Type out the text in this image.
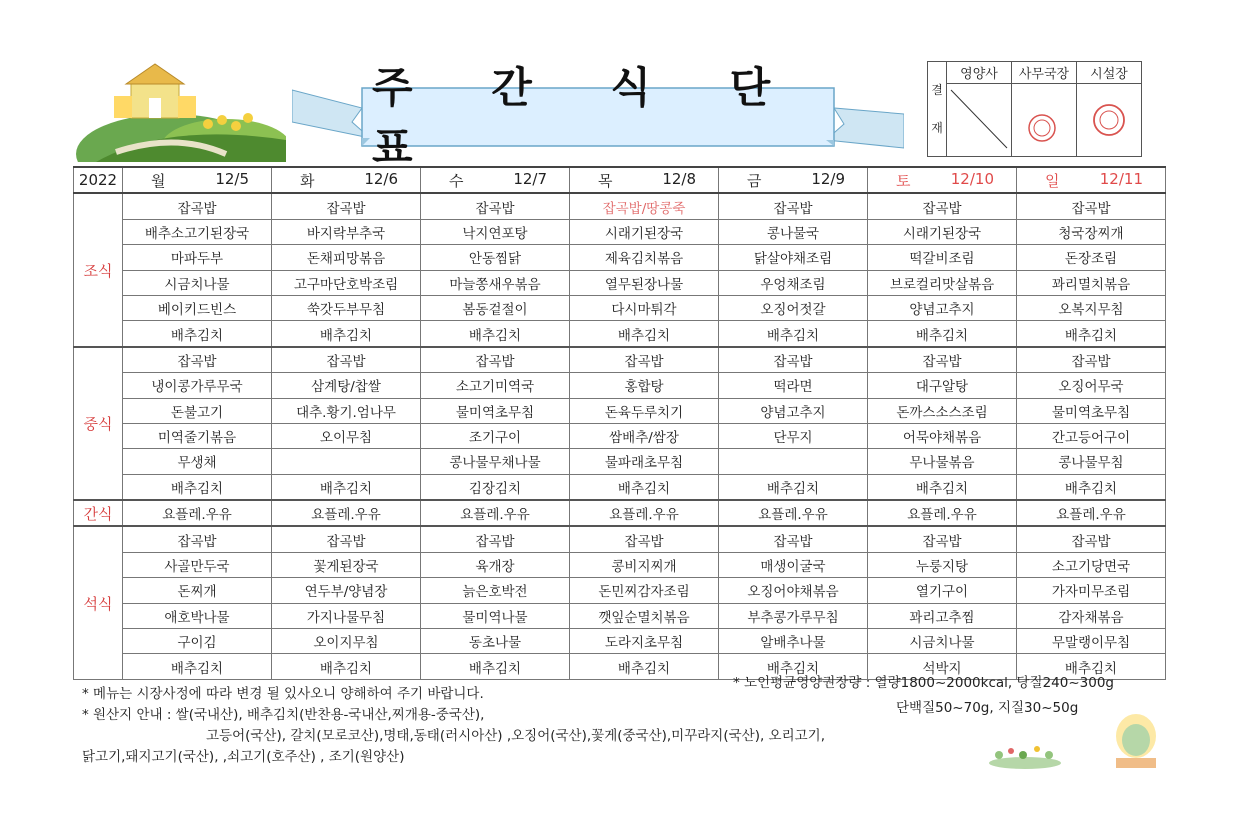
주 간 식 단 표
결
재	영양사	사무국장	시설장

2022	월 12/5	화 12/6	수 12/7	목 12/8	금 12/9	토 12/10	일 12/11

조식	잡곡밥	잡곡밥	잡곡밥	잡곡밥/땅콩죽	잡곡밥	잡곡밥	잡곡밥
	배추소고기된장국	바지락부추국	낙지연포탕	시래기된장국	콩나물국	시래기된장국	청국장찌개
	마파두부	돈채피망볶음	안동찜닭	제육김치볶음	닭살야채조림	떡갈비조림	돈장조림
	시금치나물	고구마단호박조림	마늘쫑새우볶음	열무된장나물	우엉채조림	브로컬리맛살볶음	꽈리멸치볶음
	베이키드빈스	쑥갓두부무침	봄동겉절이	다시마튀각	오징어젓갈	양념고추지	오복지무침
	배추김치	배추김치	배추김치	배추김치	배추김치	배추김치	배추김치
중식	잡곡밥	잡곡밥	잡곡밥	잡곡밥	잡곡밥	잡곡밥	잡곡밥
	냉이콩가루무국	삼계탕/찹쌀	소고기미역국	홍합탕	떡라면	대구알탕	오징어무국
	돈불고기	대추.황기.엄나무	물미역초무침	돈육두루치기	양념고추지	돈까스소스조림	물미역초무침
	미역줄기볶음	오이무침	조기구이	쌈배추/쌈장	단무지	어묵야채볶음	간고등어구이
	무생채		콩나물무채나물	물파래초무침		무나물볶음	콩나물무침
	배추김치	배추김치	김장김치	배추김치	배추김치	배추김치	배추김치
간식	요플레.우유	요플레.우유	요플레.우유	요플레.우유	요플레.우유	요플레.우유	요플레.우유
석식	잡곡밥	잡곡밥	잡곡밥	잡곡밥	잡곡밥	잡곡밥	잡곡밥
	사골만두국	꽃게된장국	육개장	콩비지찌개	매생이굴국	누룽지탕	소고기당면국
	돈찌개	연두부/양념장	늙은호박전	돈민찌감자조림	오징어야채볶음	열기구이	가자미무조림
	애호박나물	가지나물무침	물미역나물	깻잎순멸치볶음	부추콩가루무침	꽈리고추찜	감자채볶음
	구이김	오이지무침	동초나물	도라지초무침	알배추나물	시금치나물	무말랭이무침
	배추김치	배추김치	배추김치	배추김치	배추김치	석박지	배추김치
* 메뉴는 시장사정에 따라 변경 될 있사오니 양해하여 주기 바랍니다.
* 원산지 안내 : 쌀(국내산), 배추김치(반찬용-국내산,찌개용-중국산),
고등어(국산), 갈치(모로코산),명태,동태(러시아산) ,오징어(국산),꽃게(중국산),미꾸라지(국산), 오리고기,
닭고기,돼지고기(국산), ,쇠고기(호주산) , 조기(원양산)
* 노인평균영양권장량 : 열량1800~2000kcal, 당질240~300g
단백질50~70g, 지질30~50g
